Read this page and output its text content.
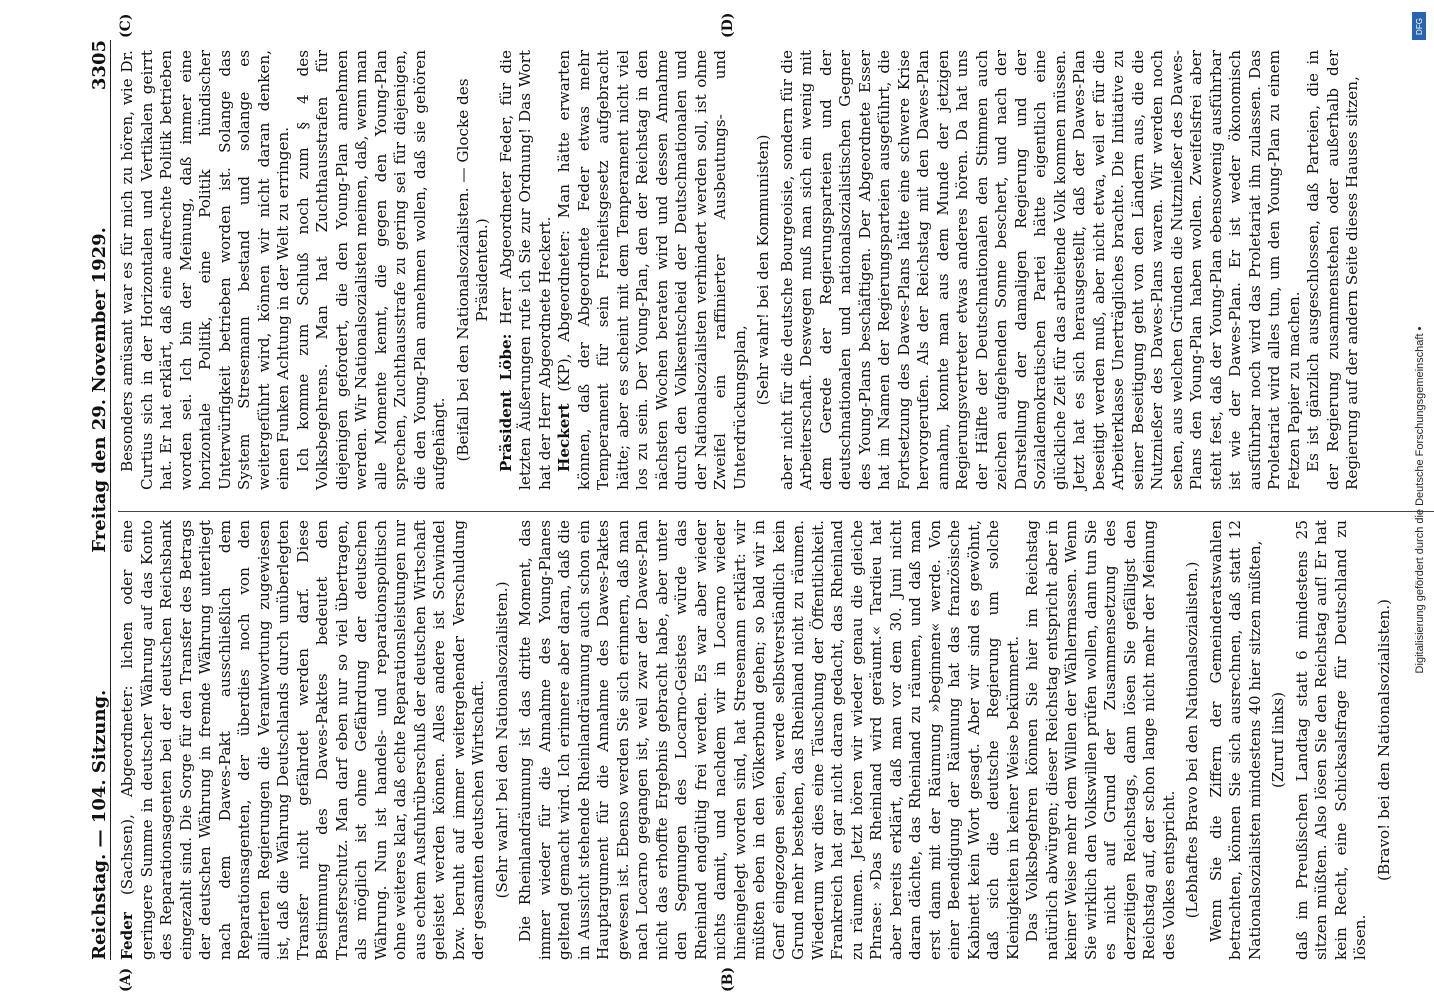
Reichstag. — 104. Sitzung.
Freitag den 29. November 1929.
3305
(A)	(B)
(C)	(D)

Feder (Sachsen), Abgeordneter: lichen oder eine geringere Summe in deutscher Währung auf das Konto des Reparationsagenten bei der deutschen Reichsbank eingezahlt sind. Die Sorge für den Transfer des Betrags der deutschen Währung in fremde Währung unterliegt nach dem Dawes-Pakt ausschließlich dem Reparationsagenten, der überdies noch von den alliierten Regierungen die Verantwortung zugewiesen ist, daß die Währung Deutschlands durch unüberlegten Transfer nicht gefährdet werden darf. Diese Bestimmung des Dawes-Paktes bedeutet den Transferschutz. Man darf eben nur so viel übertragen, als möglich ist ohne Gefährdung der deutschen Währung. Nun ist handels- und reparationspolitisch ohne weiteres klar, daß echte Reparationsleistungen nur aus echtem Ausfuhrüberschuß der deutschen Wirtschaft geleistet werden können. Alles andere ist Schwindel bzw. beruht auf immer weitergehender Verschuldung der gesamten deutschen Wirtschaft. (Sehr wahr! bei den Nationalsozialisten.) Die Rheinlandräumung ist das dritte Moment, das immer wieder für die Annahme des Young-Planes geltend gemacht wird. Ich erinnere aber daran, daß die in Aussicht stehende Rheinlandräumung auch schon ein Hauptargument für die Annahme des Dawes-Paktes gewesen ist. Ebenso werden Sie sich erinnern, daß man nach Locarno gegangen ist, weil zwar der Dawes-Plan nicht das erhoffte Ergebnis gebracht habe, aber unter den Segnungen des Locarno-Geistes würde das Rheinland endgültig frei werden. Es war aber wieder nichts damit, und nachdem wir in Locarno wieder hineingelegt worden sind, hat Stresemann erklärt: wir müßten eben in den Völkerbund gehen; so bald wir in Genf eingezogen seien, werde selbstverständlich kein Grund mehr bestehen, das Rheinland nicht zu räumen. Wiederum war dies eine Täuschung der Öffentlichkeit. Frankreich hat gar nicht daran gedacht, das Rheinland zu räumen. Jetzt hören wir wieder genau die gleiche Phrase: »Das Rheinland wird geräumt.« Tardieu hat aber bereits erklärt, daß man vor dem 30. Juni nicht daran dächte, das Rheinland zu räumen, und daß man erst dann mit der Räumung »beginnen« werde. Von einer Beendigung der Räumung hat das französische Kabinett kein Wort gesagt. Aber wir sind es gewöhnt, daß sich die deutsche Regierung um solche Kleinigkeiten in keiner Weise bekümmert. Das Volksbegehren können Sie hier im Reichstag natürlich abwürgen; dieser Reichstag entspricht aber in keiner Weise mehr dem Willen der Wählermassen. Wenn Sie wirklich den Volkswillen prüfen wollen, dann tun Sie es nicht auf Grund der Zusammensetzung des derzeitigen Reichstags, dann lösen Sie gefälligst den Reichstag auf, der schon lange nicht mehr der Meinung des Volkes entspricht. (Lebhaftes Bravo bei den Nationalsozialisten.) Wenn Sie die Ziffern der Gemeinderatswahlen betrachten, können Sie sich ausrechnen, daß statt 12 Nationalsozialisten mindestens 40 hier sitzen müßten, (Zuruf links) daß im Preußischen Landtag statt 6 mindestens 25 sitzen müßten. Also lösen Sie den Reichstag auf! Er hat kein Recht, eine Schicksalsfrage für Deutschland zu lösen.

(Bravo! bei den Nationalsozialisten.)

Besonders amüsant war es für mich zu hören, wie Dr. Curtius sich in der Horizontalen und Vertikalen geirrt hat. Er hat erklärt, daß eine aufrechte Politik betrieben worden sei. Ich bin der Meinung, daß immer eine horizontale Politik, eine Politik hündischer Unterwürfigkeit betrieben worden ist. Solange das System Stresemann bestand und solange es weitergeführt wird, können wir nicht daran denken, einen Funken Achtung in der Welt zu erringen. Ich komme zum Schluß noch zum § 4 des Volksbegehrens. Man hat Zuchthausstrafen für diejenigen gefordert, die den Young-Plan annehmen werden. Wir Nationalsozialisten meinen, daß, wenn man alle Momente kennt, die gegen den Young-Plan sprechen, Zuchthausstrafe zu gering sei für diejenigen, die den Young-Plan annehmen wollen, daß sie gehören aufgehängt. (Beifall bei den Nationalsozialisten. — Glocke des Präsidenten.)

Präsident Löbe: Herr Abgeordneter Feder, für die letzten Äußerungen rufe ich Sie zur Ordnung! Das Wort hat der Herr Abgeordnete Heckert. Heckert (KP), Abgeordneter: Man hätte erwarten können, daß der Abgeordnete Feder etwas mehr Temperament für sein Freiheitsgesetz aufgebracht hätte; aber es scheint mit dem Temperament nicht viel los zu sein. Der Young-Plan, den der Reichstag in den nächsten Wochen beraten wird und dessen Annahme durch den Volksentscheid der Deutschnationalen und der Nationalsozialisten verhindert werden soll, ist ohne Zweifel ein raffinierter Ausbeutungs- und Unterdrückungsplan,

(Sehr wahr! bei den Kommunisten) aber nicht für die deutsche Bourgeoisie, sondern für die Arbeiterschaft. Deswegen muß man sich ein wenig mit dem Gerede der Regierungsparteien und der deutschnationalen und nationalsozialistischen Gegner des Young-Plans beschäftigen. Der Abgeordnete Esser hat im Namen der Regierungsparteien ausgeführt, die Fortsetzung des Dawes-Plans hätte eine schwere Krise hervorgerufen. Als der Reichstag mit den Dawes-Plan annahm, konnte man aus dem Munde der jetzigen Regierungsvertreter etwas anderes hören. Da hat uns der Hälfte der Deutschnationalen den Stimmen auch zeichen aufgehenden Sonne beschert, und nach der Darstellung der damaligen Regierung und der Sozialdemokratischen Partei hätte eigentlich eine glückliche Zeit für das arbeitende Volk kommen müssen. Jetzt hat es sich herausgestellt, daß der Dawes-Plan beseitigt werden muß, aber nicht etwa, weil er für die Arbeiterklasse Unerträgliches brachte. Die Initiative zu seiner Beseitigung geht von den Ländern aus, die die Nutznießer des Dawes-Plans waren. Wir werden noch sehen, aus welchen Gründen die Nutznießer des Dawes-Plans den Young-Plan haben wollen. Zweifelsfrei aber steht fest, daß der Young-Plan ebensowenig ausführbar ist wie der Dawes-Plan. Er ist weder ökonomisch ausführbar noch wird das Proletariat ihn zulassen. Das Proletariat wird alles tun, um den Young-Plan zu einem Fetzen Papier zu machen. Es ist gänzlich ausgeschlossen, daß Parteien, die in der Regierung zusammenstehen oder außerhalb der Regierung auf der andern Seite dieses Hauses sitzen,

DFG
Digitalisierung gefördert durch die Deutsche Forschungsgemeinschaft •
